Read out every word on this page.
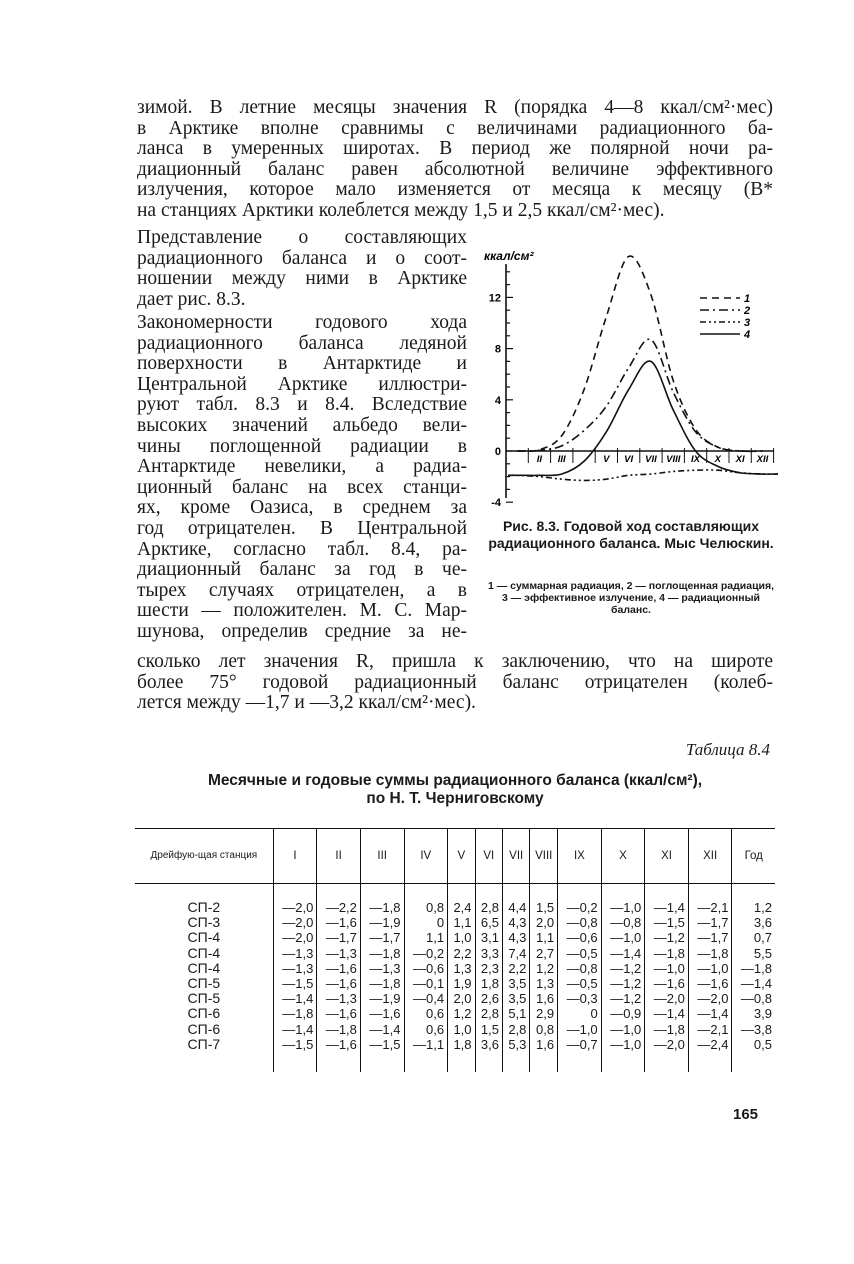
зимой. В летние месяцы значения R (порядка 4—8 ккал/см²·мес)
в Арктике вполне сравнимы с величинами радиационного ба-
ланса в умеренных широтах. В период же полярной ночи ра-
диационный баланс равен абсолютной величине эффективного
излучения, которое мало изменяется от месяца к месяцу (B*
на станциях Арктики колеблется между 1,5 и 2,5 ккал/см²·мес).
Представление о составляющих
радиационного баланса и о соот-
ношении между ними в Арктике
дает рис. 8.3.
Закономерности годового хода
радиационного баланса ледяной
поверхности в Антарктиде и
Центральной Арктике иллюстри-
руют табл. 8.3 и 8.4. Вследствие
высоких значений альбедо вели-
чины поглощенной радиации в
Антарктиде невелики, а радиа-
ционный баланс на всех станци-
ях, кроме Оазиса, в среднем за
год отрицателен. В Центральной
Арктике, согласно табл. 8.4, ра-
диационный баланс за год в че-
тырех случаях отрицателен, а в
шести — положителен. М. С. Мар-
шунова, определив средние за не-
сколько лет значения R, пришла к заключению, что на широте
более 75° годовой радиационный баланс отрицателен (колеб-
лется между —1,7 и —3,2 ккал/см²·мес).
ккал/см²
12
8
4
0
-4
II III	V VI VII VIII IX X XI XII
1
2
3
4
Рис. 8.3. Годовой ход составляющих радиационного баланса. Мыс Челюскин.
1 — суммарная радиация, 2 — поглощенная радиация, 3 — эффективное излучение, 4 — радиационный баланс.
Таблица 8.4
Месячные и годовые суммы радиационного баланса (ккал/см²),
по Н. Т. Черниговскому
Дрейфую-щая станция	I	II	III	IV	V	VI	VII	VIII	IX	X	XI	XII	Год
СП-2	—2,0	—2,2	—1,8	0,8	2,4	2,8	4,4	1,5	—0,2	—1,0	—1,4	—2,1	1,2
СП-3	—2,0	—1,6	—1,9	0	1,1	6,5	4,3	2,0	—0,8	—0,8	—1,5	—1,7	3,6
СП-4	—2,0	—1,7	—1,7	1,1	1,0	3,1	4,3	1,1	—0,6	—1,0	—1,2	—1,7	0,7
СП-4	—1,3	—1,3	—1,8	—0,2	2,2	3,3	7,4	2,7	—0,5	—1,4	—1,8	—1,8	5,5
СП-4	—1,3	—1,6	—1,3	—0,6	1,3	2,3	2,2	1,2	—0,8	—1,2	—1,0	—1,0	—1,8
СП-5	—1,5	—1,6	—1,8	—0,1	1,9	1,8	3,5	1,3	—0,5	—1,2	—1,6	—1,6	—1,4
СП-5	—1,4	—1,3	—1,9	—0,4	2,0	2,6	3,5	1,6	—0,3	—1,2	—2,0	—2,0	—0,8
СП-6	—1,8	—1,6	—1,6	0,6	1,2	2,8	5,1	2,9	0	—0,9	—1,4	—1,4	3,9
СП-6	—1,4	—1,8	—1,4	0,6	1,0	1,5	2,8	0,8	—1,0	—1,0	—1,8	—2,1	—3,8
СП-7	—1,5	—1,6	—1,5	—1,1	1,8	3,6	5,3	1,6	—0,7	—1,0	—2,0	—2,4	0,5
165
